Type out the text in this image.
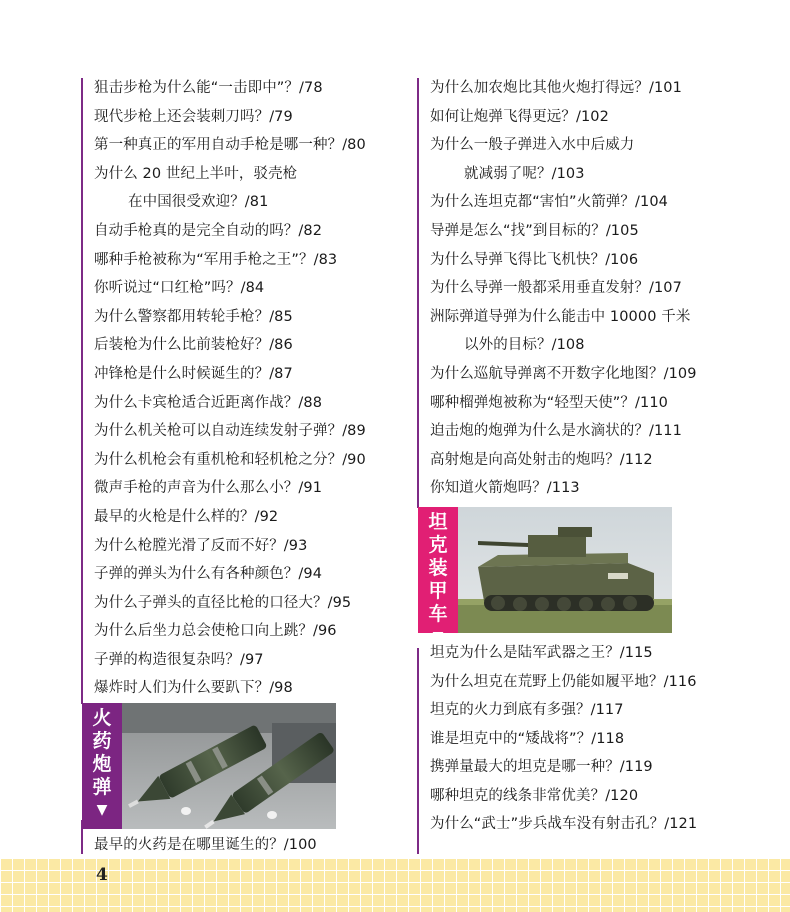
狙击步枪为什么能“一击即中”？/78
现代步枪上还会装刺刀吗？/79
第一种真正的军用自动手枪是哪一种？/80
为什么 20 世纪上半叶，驳壳枪
在中国很受欢迎？/81
自动手枪真的是完全自动的吗？/82
哪种手枪被称为“军用手枪之王”？/83
你听说过“口红枪”吗？/84
为什么警察都用转轮手枪？/85
后装枪为什么比前装枪好？/86
冲锋枪是什么时候诞生的？/87
为什么卡宾枪适合近距离作战？/88
为什么机关枪可以自动连续发射子弹？/89
为什么机枪会有重机枪和轻机枪之分？/90
微声手枪的声音为什么那么小？/91
最早的火枪是什么样的？/92
为什么枪膛光滑了反而不好？/93
子弹的弹头为什么有各种颜色？/94
为什么子弹头的直径比枪的口径大？/95
为什么后坐力总会使枪口向上跳？/96
子弹的构造很复杂吗？/97
爆炸时人们为什么要趴下？/98
火
药
炮
弹
▼
最早的火药是在哪里诞生的？/100
为什么加农炮比其他火炮打得远？/101
如何让炮弹飞得更远？/102
为什么一般子弹进入水中后威力
就减弱了呢？/103
为什么连坦克都“害怕”火箭弹？/104
导弹是怎么“找”到目标的？/105
为什么导弹飞得比飞机快？/106
为什么导弹一般都采用垂直发射？/107
洲际弹道导弹为什么能击中 10000 千米
以外的目标？/108
为什么巡航导弹离不开数字化地图？/109
哪种榴弹炮被称为“轻型天使”？/110
迫击炮的炮弹为什么是水滴状的？/111
高射炮是向高处射击的炮吗？/112
你知道火箭炮吗？/113
坦
克
装
甲
车
▼
坦克为什么是陆军武器之王？/115
为什么坦克在荒野上仍能如履平地？/116
坦克的火力到底有多强？/117
谁是坦克中的“矮战将”？/118
携弹量最大的坦克是哪一种？/119
哪种坦克的线条非常优美？/120
为什么“武士”步兵战车没有射击孔？/121
4
